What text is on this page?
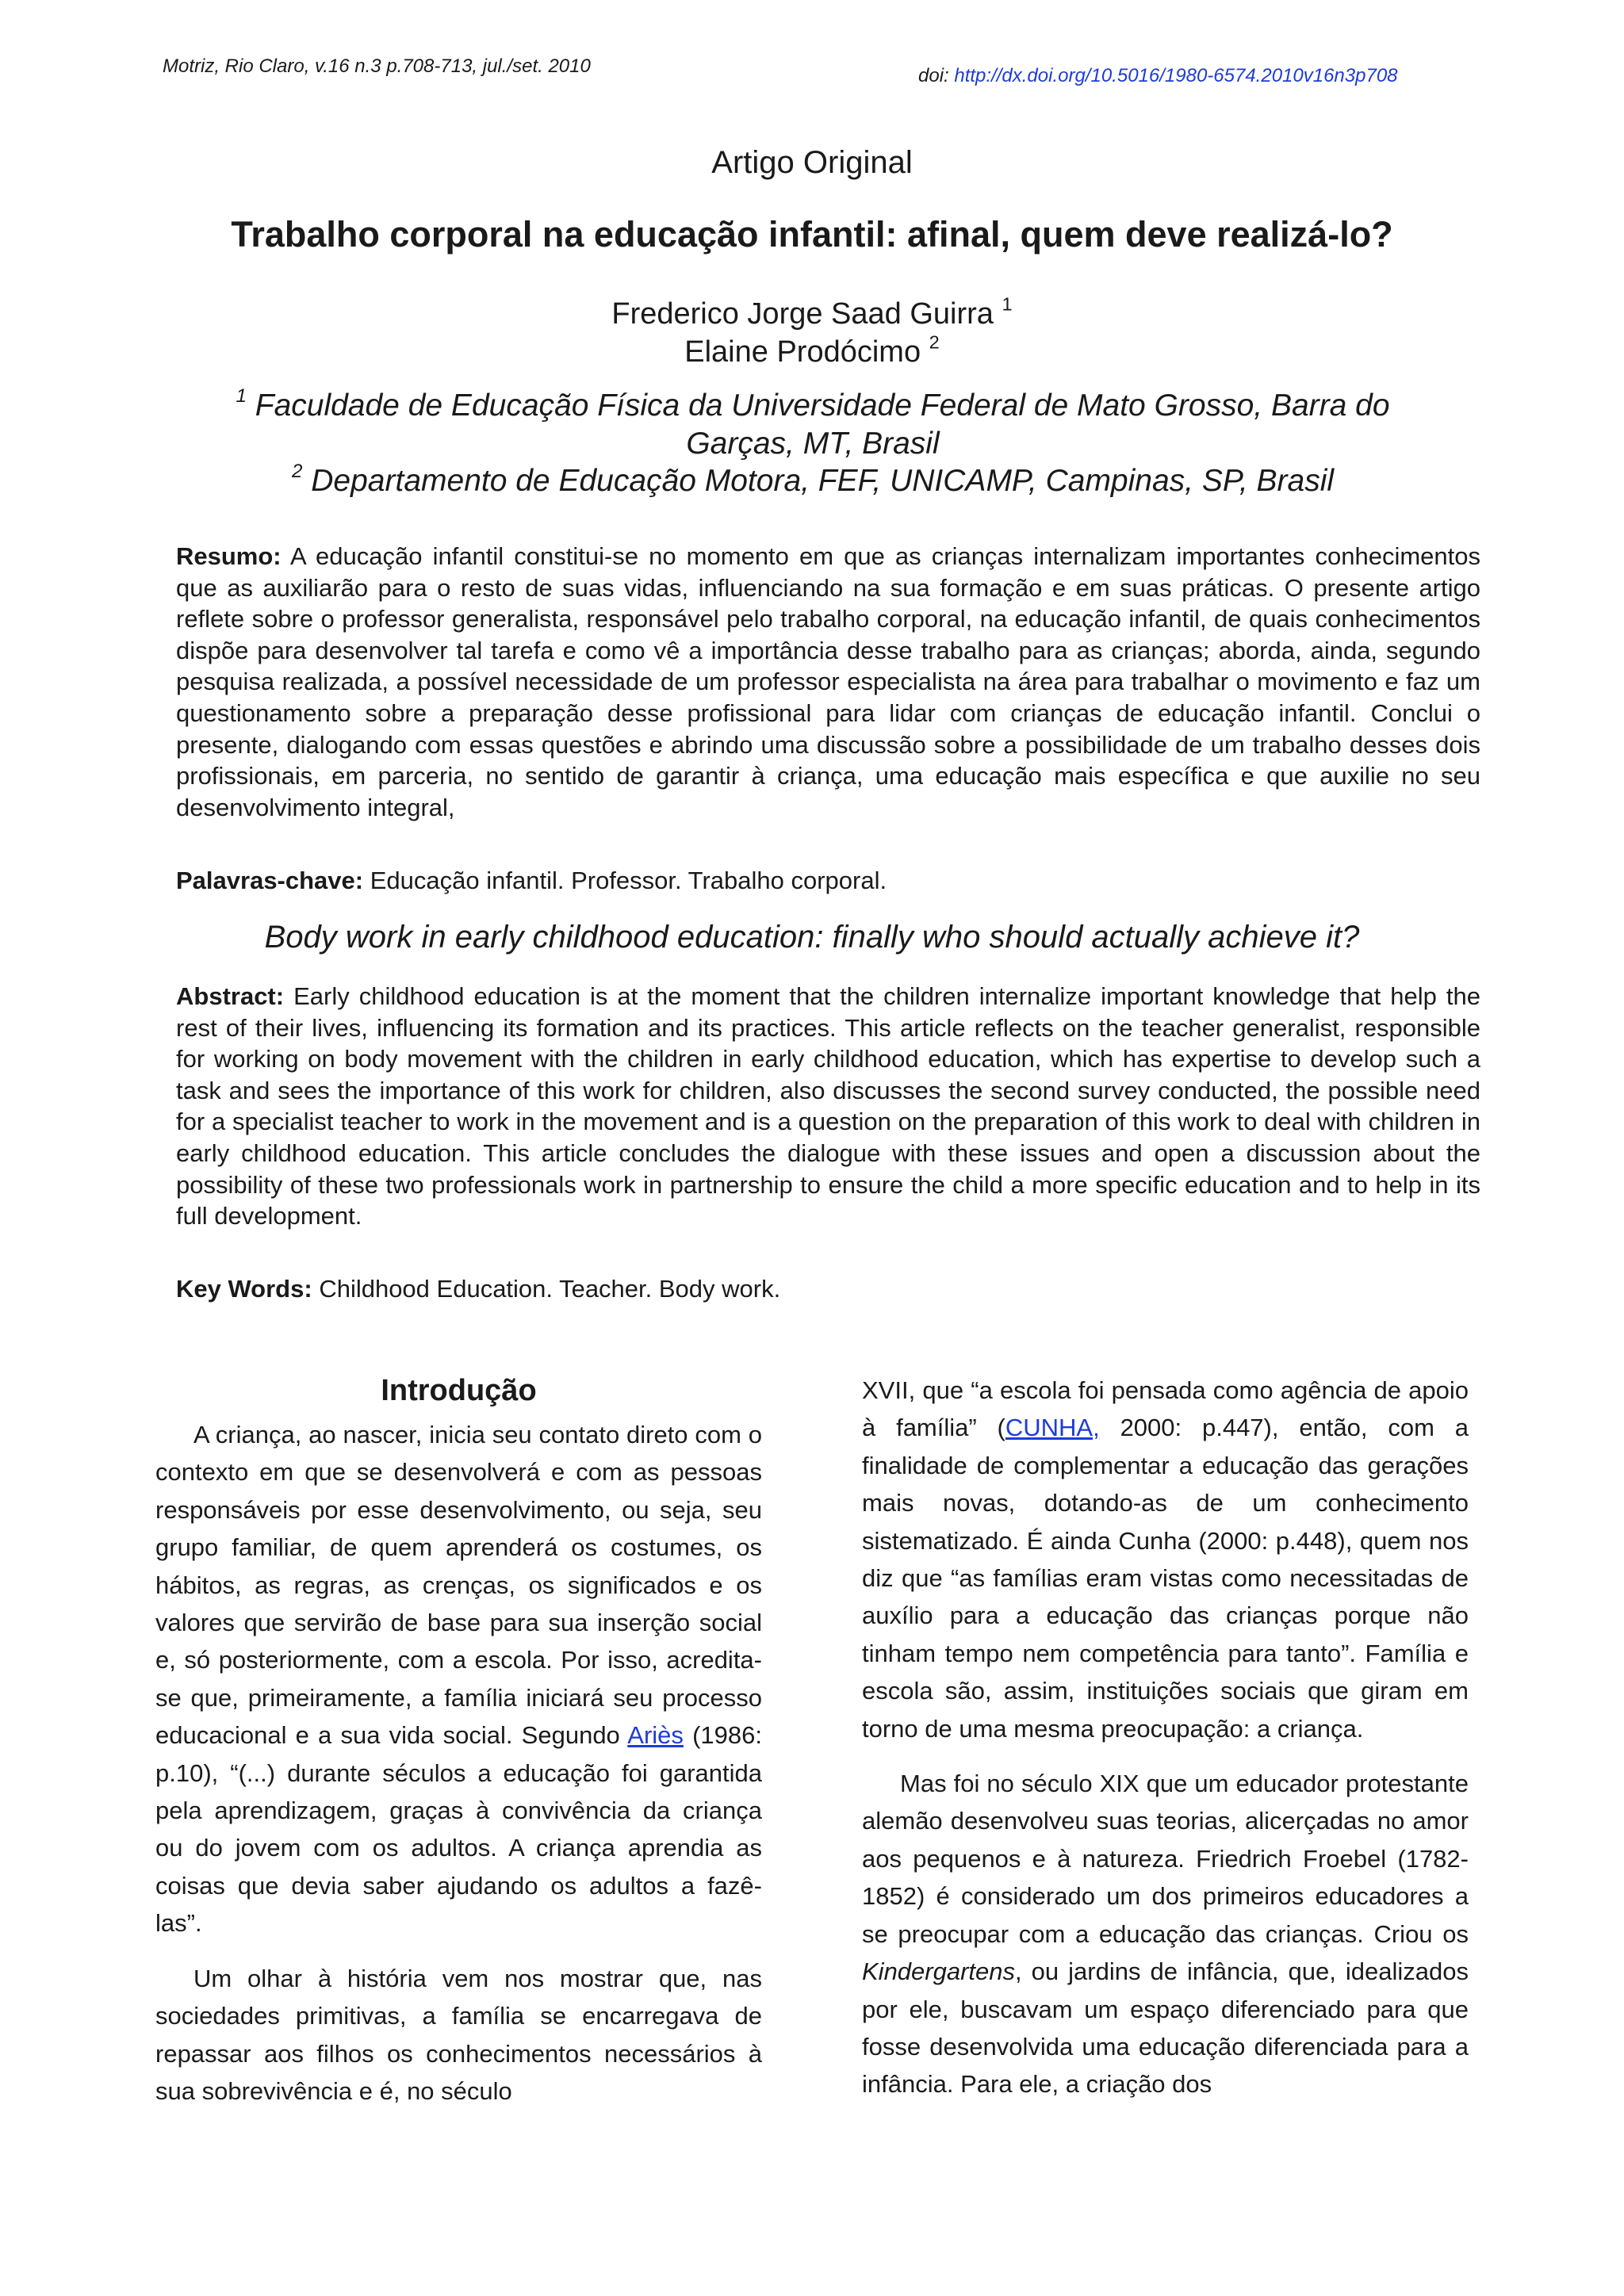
Motriz, Rio Claro, v.16 n.3 p.708-713, jul./set. 2010	doi: http://dx.doi.org/10.5016/1980-6574.2010v16n3p708
Artigo Original
Trabalho corporal na educação infantil: afinal, quem deve realizá-lo?
Frederico Jorge Saad Guirra $^1$
Elaine Prodócimo $^2$
$^1$ Faculdade de Educação Física da Universidade Federal de Mato Grosso, Barra do Garças, MT, Brasil
$^2$ Departamento de Educação Motora, FEF, UNICAMP, Campinas, SP, Brasil
Resumo: A educação infantil constitui-se no momento em que as crianças internalizam importantes conhecimentos que as auxiliarão para o resto de suas vidas, influenciando na sua formação e em suas práticas. O presente artigo reflete sobre o professor generalista, responsável pelo trabalho corporal, na educação infantil, de quais conhecimentos dispõe para desenvolver tal tarefa e como vê a importância desse trabalho para as crianças; aborda, ainda, segundo pesquisa realizada, a possível necessidade de um professor especialista na área para trabalhar o movimento e faz um questionamento sobre a preparação desse profissional para lidar com crianças de educação infantil. Conclui o presente, dialogando com essas questões e abrindo uma discussão sobre a possibilidade de um trabalho desses dois profissionais, em parceria, no sentido de garantir à criança, uma educação mais específica e que auxilie no seu desenvolvimento integral,
Palavras-chave: Educação infantil. Professor. Trabalho corporal.
Body work in early childhood education: finally who should actually achieve it?
Abstract: Early childhood education is at the moment that the children internalize important knowledge that help the rest of their lives, influencing its formation and its practices. This article reflects on the teacher generalist, responsible for working on body movement with the children in early childhood education, which has expertise to develop such a task and sees the importance of this work for children, also discusses the second survey conducted, the possible need for a specialist teacher to work in the movement and is a question on the preparation of this work to deal with children in early childhood education. This article concludes the dialogue with these issues and open a discussion about the possibility of these two professionals work in partnership to ensure the child a more specific education and to help in its full development.
Key Words: Childhood Education. Teacher. Body work.
Introdução

A criança, ao nascer, inicia seu contato direto com o contexto em que se desenvolverá e com as pessoas responsáveis por esse desenvolvimento, ou seja, seu grupo familiar, de quem aprenderá os costumes, os hábitos, as regras, as crenças, os significados e os valores que servirão de base para sua inserção social e, só posteriormente, com a escola. Por isso, acredita-se que, primeiramente, a família iniciará seu processo educacional e a sua vida social. Segundo Ariès (1986: p.10), “(...) durante séculos a educação foi garantida pela aprendizagem, graças à convivência da criança ou do jovem com os adultos. A criança aprendia as coisas que devia saber ajudando os adultos a fazê-las”.

Um olhar à história vem nos mostrar que, nas sociedades primitivas, a família se encarregava de repassar aos filhos os conhecimentos necessários à sua sobrevivência e é, no século

XVII, que “a escola foi pensada como agência de apoio à família” (CUNHA, 2000: p.447), então, com a finalidade de complementar a educação das gerações mais novas, dotando-as de um conhecimento sistematizado. É ainda Cunha (2000: p.448), quem nos diz que “as famílias eram vistas como necessitadas de auxílio para a educação das crianças porque não tinham tempo nem competência para tanto”. Família e escola são, assim, instituições sociais que giram em torno de uma mesma preocupação: a criança.

Mas foi no século XIX que um educador protestante alemão desenvolveu suas teorias, alicerçadas no amor aos pequenos e à natureza. Friedrich Froebel (1782-1852) é considerado um dos primeiros educadores a se preocupar com a educação das crianças. Criou os Kindergartens, ou jardins de infância, que, idealizados por ele, buscavam um espaço diferenciado para que fosse desenvolvida uma educação diferenciada para a infância. Para ele, a criação dos
